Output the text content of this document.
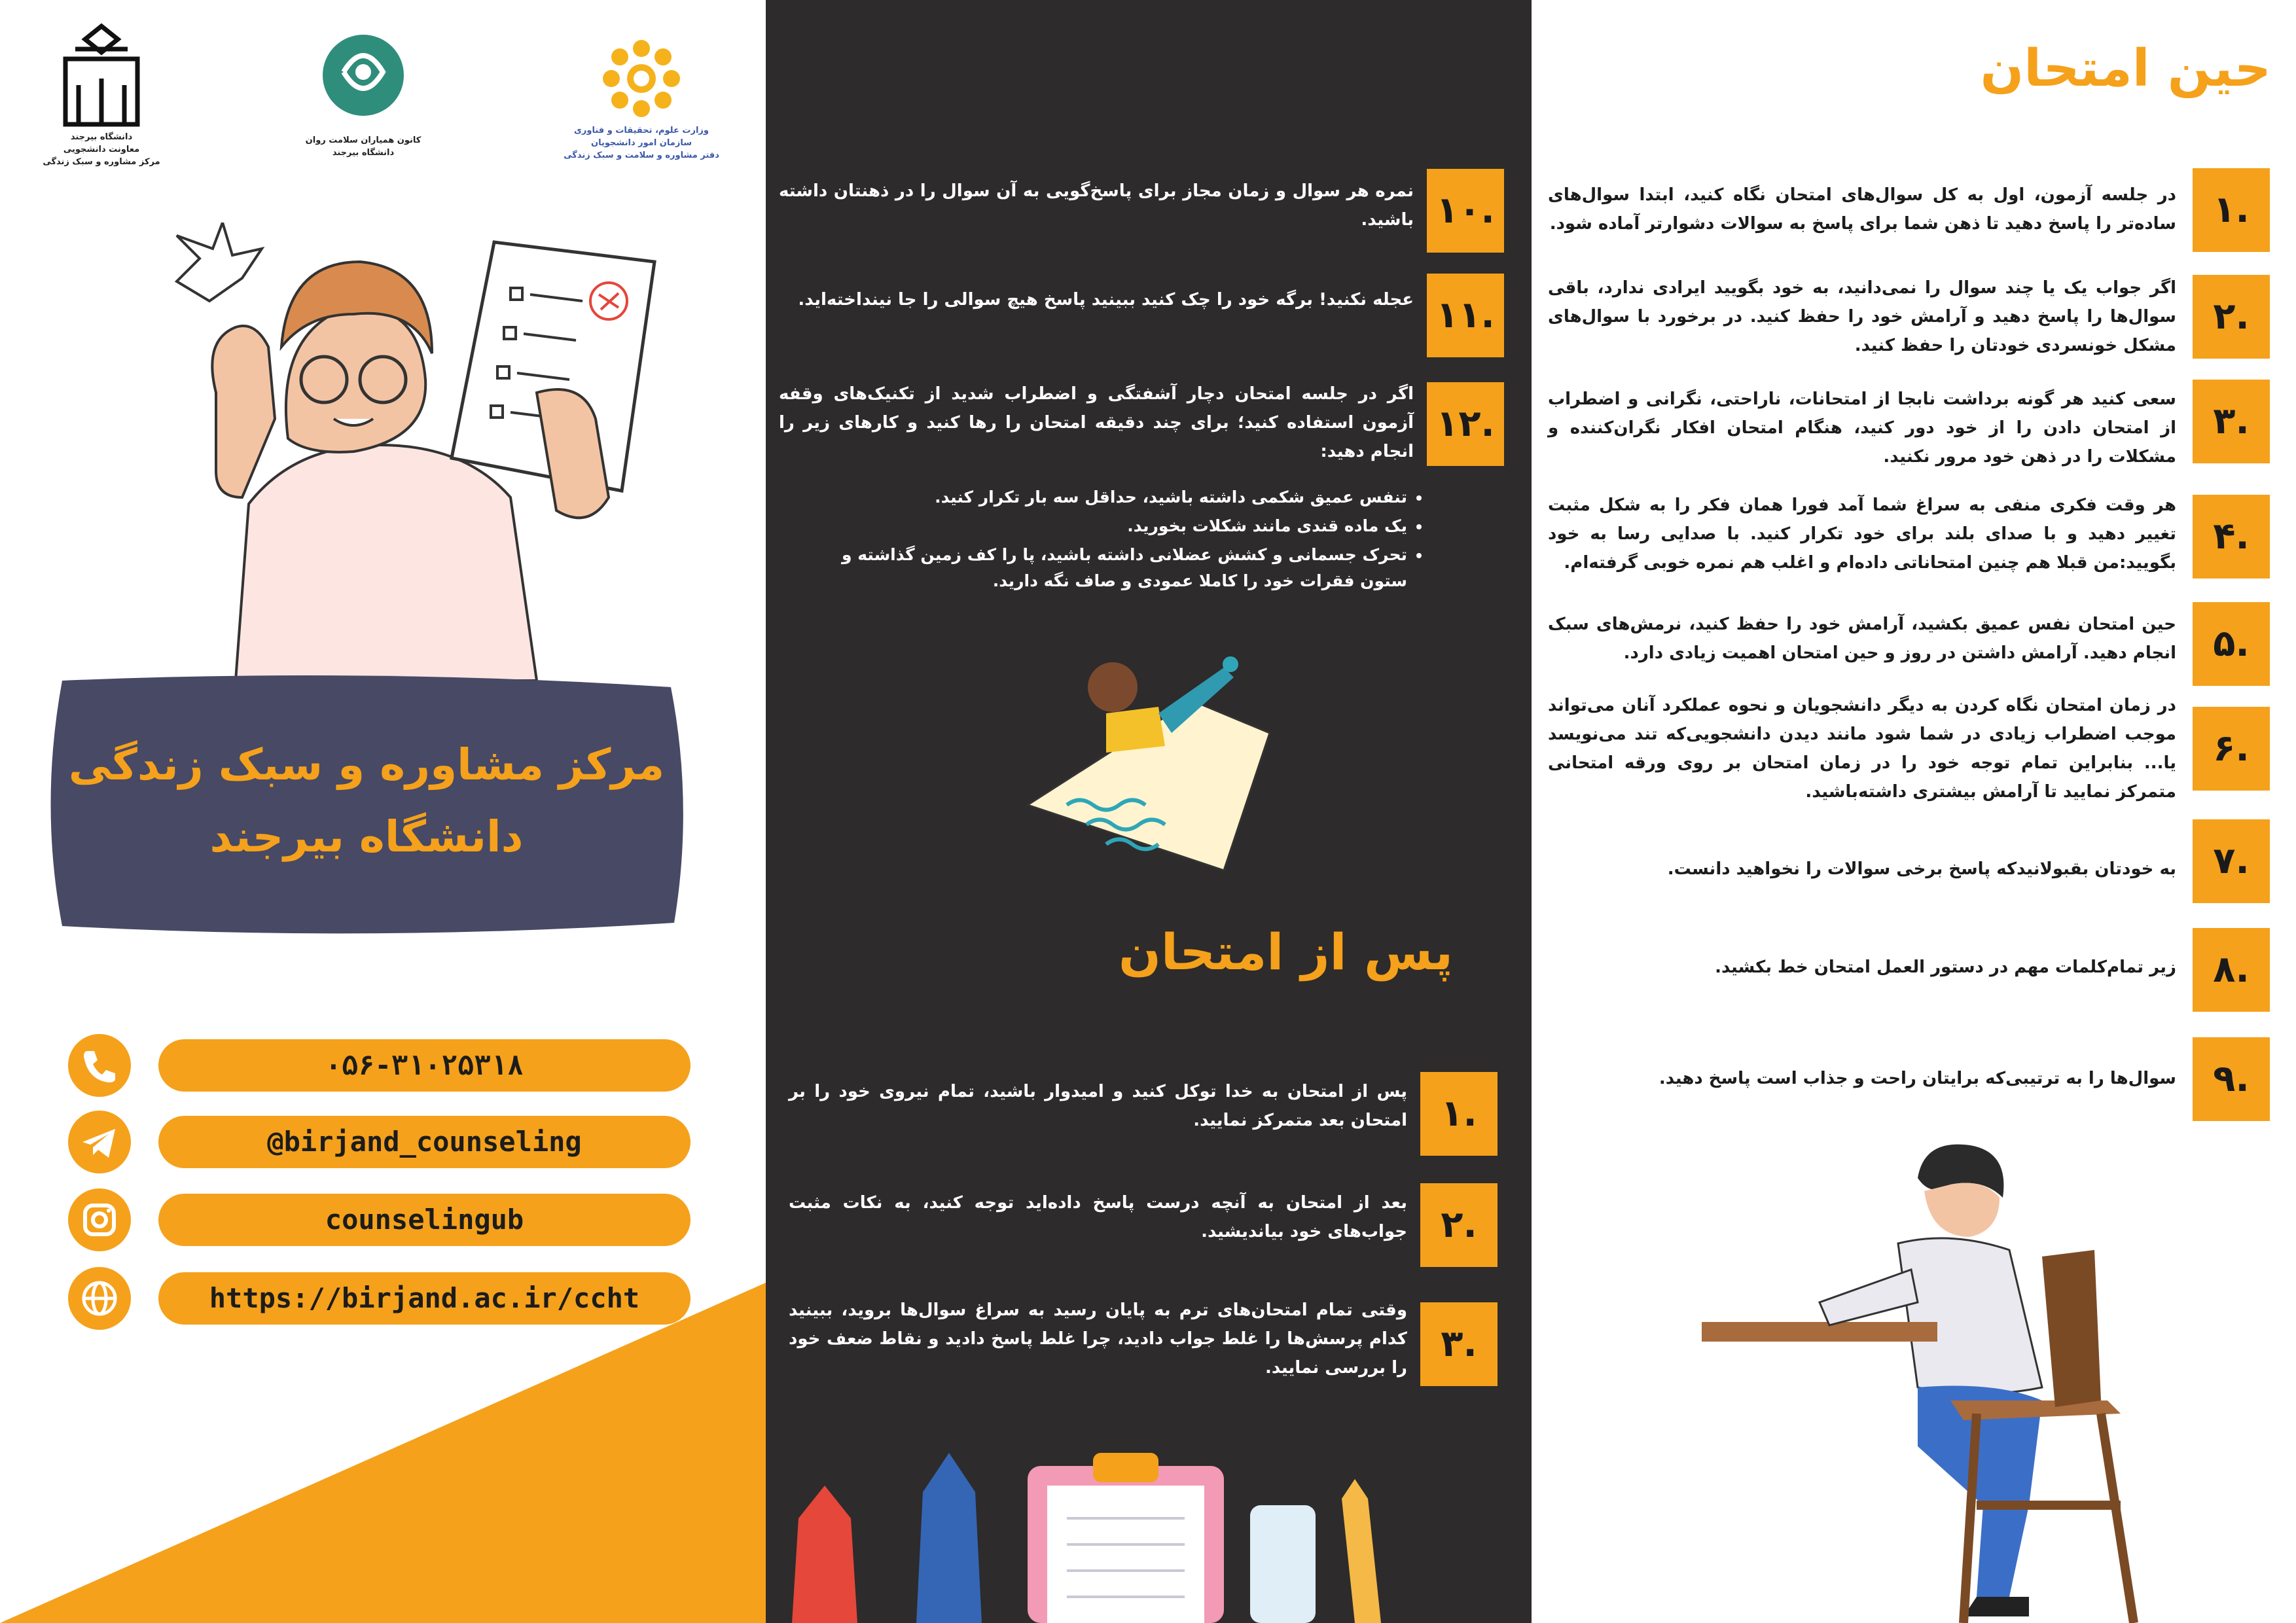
دانشگاه بیرجند
معاونت دانشجویی
مرکز مشاوره و سبک زندگی
کانون همیاران سلامت روان
دانشگاه بیرجند
وزارت علوم، تحقیقات و فناوری
سازمان امور دانشجویان
دفتر مشاوره و سلامت و سبک زندگی
مرکز مشاوره و سبک زندگی
دانشگاه بیرجند
۰۵۶-۳۱۰۲۵۳۱۸
@birjand_counseling
counselingub
https://birjand.ac.ir/ccht
۱۰.
نمره هر سوال و زمان مجاز برای پاسخ‌گویی به آن سوال را در ذهنتان داشته باشید.
۱۱.
عجله نکنید! برگه خود را چک کنید ببینید پاسخ هیچ سوالی را جا نینداخته‌اید.
۱۲.
اگر در جلسه امتحان دچار آشفتگی و اضطراب شدید از تکنیک‌های وقفه آزمون استفاده کنید؛ برای چند دقیقه امتحان را رها کنید و کارهای زیر را انجام دهید:
• تنفس عمیق شکمی داشته باشید، حداقل سه بار تکرار کنید.
• یک ماده قندی مانند شکلات بخورید.
• تحرک جسمانی و کشش عضلانی داشته باشید، پا را کف زمین گذاشته و ستون فقرات خود را کاملا عمودی و صاف نگه دارید.
پس از امتحان
۱.
پس از امتحان به خدا توکل کنید و امیدوار باشید، تمام نیروی خود را بر امتحان بعد متمرکز نمایید.
۲.
بعد از امتحان به آنچه درست پاسخ داده‌اید توجه کنید، به نکات مثبت جواب‌های خود بیاندیشید.
۳.
وقتی تمام امتحان‌های ترم به پایان رسید به سراغ سوال‌ها بروید، ببینید کدام پرسش‌ها را غلط جواب دادید، چرا غلط پاسخ دادید و نقاط ضعف خود را بررسی نمایید.
حین امتحان
۱.
در جلسه آزمون، اول به کل سوال‌های امتحان نگاه کنید، ابتدا سوال‌های ساده‌تر را پاسخ دهید تا ذهن شما برای پاسخ به سوالات دشوارتر آماده شود.
۲.
اگر جواب یک یا چند سوال را نمی‌دانید، به خود بگویید ایرادی ندارد، باقی سوال‌ها را پاسخ دهید و آرامش خود را حفظ کنید. در برخورد با سوال‌های مشکل خونسردی خودتان را حفظ کنید.
۳.
سعی کنید هر گونه برداشت نابجا از امتحانات، ناراحتی، نگرانی و اضطراب از امتحان دادن را از خود دور کنید، هنگام امتحان افکار نگران‌کننده و مشکلات را در ذهن خود مرور نکنید.
۴.
هر وقت فکری منفی به سراغ شما آمد فورا همان فکر را به شکل مثبت تغییر دهید و با صدای بلند برای خود تکرار کنید. با صدایی رسا به خود بگویید:من قبلا هم چنین امتحاناتی داده‌ام و اغلب هم نمره خوبی گرفته‌ام.
۵.
حین امتحان نفس عمیق بکشید، آرامش خود را حفظ کنید، نرمش‌های سبک انجام دهید. آرامش داشتن در روز و حین امتحان اهمیت زیادی دارد.
۶.
در زمان امتحان نگاه کردن به دیگر دانشجویان و نحوه عملکرد آنان می‌تواند موجب اضطراب زیادی در شما شود مانند دیدن دانشجویی‌که تند می‌نویسد یا... بنابراین تمام توجه خود را در زمان امتحان بر روی ورقه امتحانی متمرکز نمایید تا آرامش بیشتری داشته‌باشید.
۷.
به خودتان بقبولانید‌که پاسخ برخی سوالات را نخواهید دانست.
۸.
زیر تمام‌کلمات مهم در دستور العمل امتحان خط بکشید.
۹.
سوال‌ها را به ترتیبی‌که برایتان راحت و جذاب است پاسخ دهید.
